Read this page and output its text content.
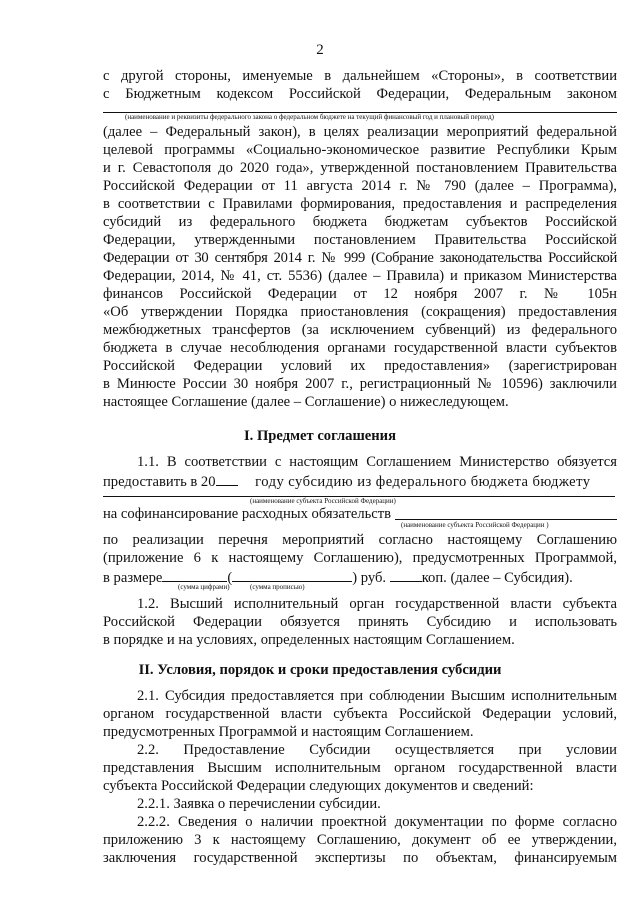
2
с другой стороны, именуемые в дальнейшем «Стороны», в соответствии
с Бюджетным кодексом Российской Федерации, Федеральным законом
(наименование и реквизиты федерального закона о федеральном бюджете на текущий финансовый год и плановый период)
(далее – Федеральный закон), в целях реализации мероприятий федеральной
целевой программы «Социально-экономическое развитие Республики Крым
и г. Севастополя до 2020 года», утвержденной постановлением Правительства
Российской Федерации от 11 августа 2014 г. № 790 (далее – Программа),
в соответствии с Правилами формирования, предоставления и распределения
субсидий из федерального бюджета бюджетам субъектов Российской
Федерации, утвержденными постановлением Правительства Российской
Федерации от 30 сентября 2014 г. № 999 (Собрание законодательства Российской
Федерации, 2014, № 41, ст. 5536) (далее – Правила) и приказом Министерства
финансов Российской Федерации от 12 ноября 2007 г. № 105н
«Об утверждении Порядка приостановления (сокращения) предоставления
межбюджетных трансфертов (за исключением субвенций) из федерального
бюджета в случае несоблюдения органами государственной власти субъектов
Российской Федерации условий их предоставления» (зарегистрирован
в Минюсте России 30 ноября 2007 г., регистрационный № 10596) заключили
настоящее Соглашение (далее – Соглашение) о нижеследующем.
I. Предмет соглашения
1.1. В соответствии с настоящим Соглашением Министерство обязуется
предоставить в 20	году субсидию из федерального бюджета бюджету
(наименование субъекта Российской Федерации)
на софинансирование расходных обязательств
(наименование субъекта Российской Федерации )
по реализации перечня мероприятий согласно настоящему Соглашению
(приложение 6 к настоящему Соглашению), предусмотренных Программой,
в размере	(	) руб. коп. (далее – Субсидия).
(сумма цифрами)	(сумма прописью)
1.2. Высший исполнительный орган государственной власти субъекта
Российской Федерации обязуется принять Субсидию и использовать
в порядке и на условиях, определенных настоящим Соглашением.
II. Условия, порядок и сроки предоставления субсидии
2.1. Субсидия предоставляется при соблюдении Высшим исполнительным
органом государственной власти субъекта Российской Федерации условий,
предусмотренных Программой и настоящим Соглашением.
2.2.    Предоставление    Субсидии    осуществляется    при    условии
представления Высшим исполнительным органом государственной власти
субъекта Российской Федерации следующих документов и сведений:
2.2.1. Заявка о перечислении субсидии.
2.2.2. Сведения о наличии проектной документации по форме согласно
приложению 3 к настоящему Соглашению, документ об ее утверждении,
заключения государственной экспертизы по объектам, финансируемым
